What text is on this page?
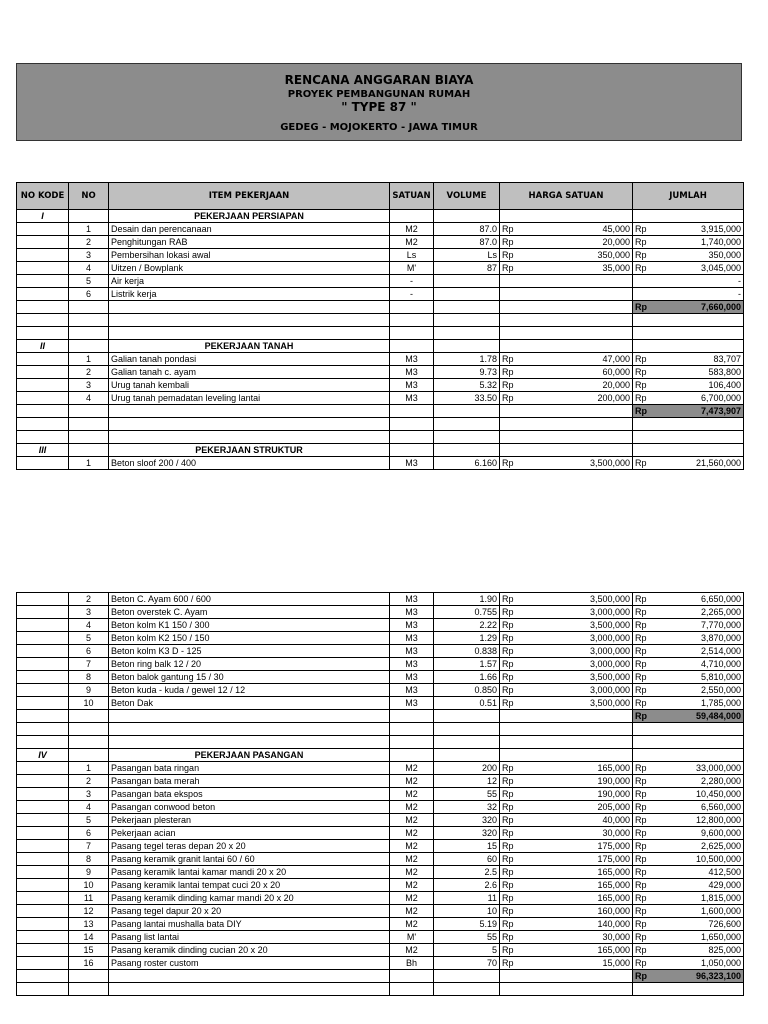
RENCANA ANGGARAN BIAYA
PROYEK PEMBANGUNAN RUMAH
" TYPE 87 "
GEDEG - MOJOKERTO - JAWA TIMUR
NO KODE	NO	ITEM PEKERJAAN	SATUAN	VOLUME	HARGA SATUAN		JUMLAH	
I		PEKERJAAN PERSIAPAN						
	1	Desain dan perencanaan	M2	87.0	Rp	45,000	Rp	3,915,000
	2	Penghitungan RAB	M2	87.0	Rp	20,000	Rp	1,740,000
	3	Pembersihan lokasi awal	Ls	Ls	Rp	350,000	Rp	350,000
	4	Uitzen / Bowplank	M'	87	Rp	35,000	Rp	3,045,000
	5	Air kerja	-					-
	6	Listrik kerja	-					-
							Rp	7,660,000

II		PEKERJAAN TANAH						
	1	Galian tanah pondasi	M3	1.78	Rp	47,000	Rp	83,707
	2	Galian tanah c. ayam	M3	9.73	Rp	60,000	Rp	583,800
	3	Urug tanah kembali	M3	5.32	Rp	20,000	Rp	106,400
	4	Urug tanah pemadatan leveling lantai	M3	33.50	Rp	200,000	Rp	6,700,000
							Rp	7,473,907

III		PEKERJAAN STRUKTUR						
	1	Beton sloof 200 / 400	M3	6.160	Rp	3,500,000	Rp	21,560,000
	2	Beton C. Ayam 600 / 600	M3	1.90	Rp	3,500,000	Rp	6,650,000
	3	Beton overstek C. Ayam	M3	0.755	Rp	3,000,000	Rp	2,265,000
	4	Beton kolm K1 150 / 300	M3	2.22	Rp	3,500,000	Rp	7,770,000
	5	Beton kolm K2 150 / 150	M3	1.29	Rp	3,000,000	Rp	3,870,000
	6	Beton kolm K3 D - 125	M3	0.838	Rp	3,000,000	Rp	2,514,000
	7	Beton ring balk 12 / 20	M3	1.57	Rp	3,000,000	Rp	4,710,000
	8	Beton balok gantung 15 / 30	M3	1.66	Rp	3,500,000	Rp	5,810,000
	9	Beton kuda - kuda / gewel 12 / 12	M3	0.850	Rp	3,000,000	Rp	2,550,000
	10	Beton Dak	M3	0.51	Rp	3,500,000	Rp	1,785,000
							Rp	59,484,000

IV		PEKERJAAN PASANGAN						
	1	Pasangan bata ringan	M2	200	Rp	165,000	Rp	33,000,000
	2	Pasangan bata merah	M2	12	Rp	190,000	Rp	2,280,000
	3	Pasangan bata ekspos	M2	55	Rp	190,000	Rp	10,450,000
	4	Pasangan conwood beton	M2	32	Rp	205,000	Rp	6,560,000
	5	Pekerjaan plesteran	M2	320	Rp	40,000	Rp	12,800,000
	6	Pekerjaan acian	M2	320	Rp	30,000	Rp	9,600,000
	7	Pasang tegel teras depan 20 x 20	M2	15	Rp	175,000	Rp	2,625,000
	8	Pasang keramik granit lantai 60 / 60	M2	60	Rp	175,000	Rp	10,500,000
	9	Pasang keramik lantai kamar mandi 20 x 20	M2	2.5	Rp	165,000	Rp	412,500
	10	Pasang keramik lantai tempat cuci 20 x 20	M2	2.6	Rp	165,000	Rp	429,000
	11	Pasang keramik dinding kamar mandi 20 x 20	M2	11	Rp	165,000	Rp	1,815,000
	12	Pasang tegel dapur 20 x 20	M2	10	Rp	160,000	Rp	1,600,000
	13	Pasang lantai mushalla bata DIY	M2	5.19	Rp	140,000	Rp	726,600
	14	Pasang list lantai	M'	55	Rp	30,000	Rp	1,650,000
	15	Pasang keramik dinding cucian 20 x 20	M2	5	Rp	165,000	Rp	825,000
	16	Pasang roster custom	Bh	70	Rp	15,000	Rp	1,050,000
							Rp	96,323,100
